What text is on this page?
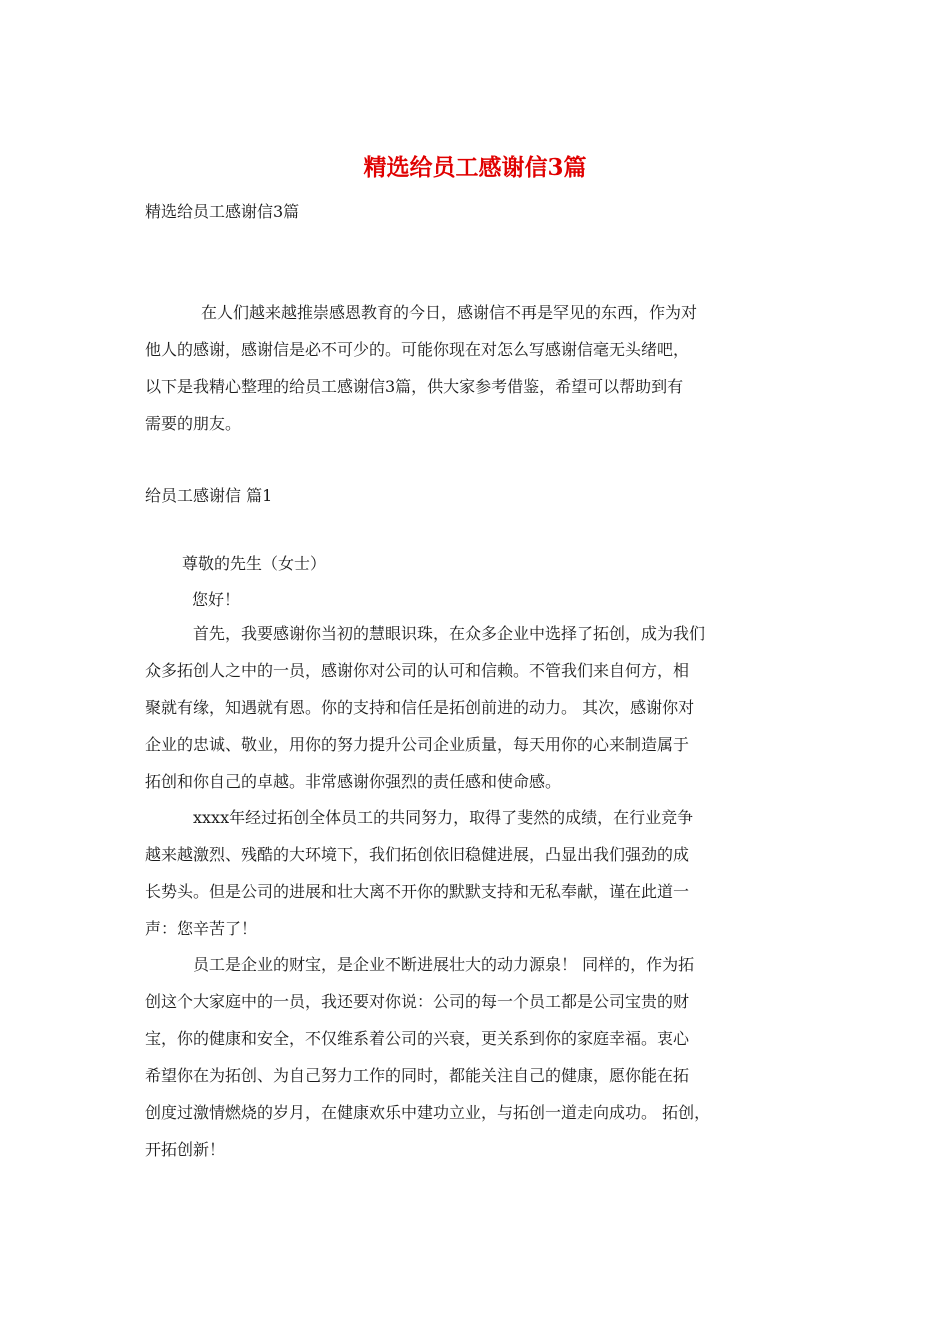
精选给员工感谢信3篇

精选给员工感谢信3篇

在人们越来越推崇感恩教育的今日，感谢信不再是罕见的东西，作为对
他人的感谢，感谢信是必不可少的。可能你现在对怎么写感谢信毫无头绪吧，
以下是我精心整理的给员工感谢信3篇，供大家参考借鉴，希望可以帮助到有
需要的朋友。

给员工感谢信 篇1

尊敬的先生（女士）

您好！

首先，我要感谢你当初的慧眼识珠，在众多企业中选择了拓创，成为我们
众多拓创人之中的一员，感谢你对公司的认可和信赖。不管我们来自何方，相
聚就有缘，知遇就有恩。你的支持和信任是拓创前进的动力。 其次，感谢你对
企业的忠诚、敬业，用你的努力提升公司企业质量，每天用你的心来制造属于
拓创和你自己的卓越。非常感谢你强烈的责任感和使命感。
xxxx年经过拓创全体员工的共同努力，取得了斐然的成绩，在行业竞争
越来越激烈、残酷的大环境下，我们拓创依旧稳健进展，凸显出我们强劲的成
长势头。但是公司的进展和壮大离不开你的默默支持和无私奉献，谨在此道一
声：您辛苦了！
员工是企业的财宝，是企业不断进展壮大的动力源泉！ 同样的，作为拓
创这个大家庭中的一员，我还要对你说：公司的每一个员工都是公司宝贵的财
宝，你的健康和安全，不仅维系着公司的兴衰，更关系到你的家庭幸福。衷心
希望你在为拓创、为自己努力工作的同时，都能关注自己的健康，愿你能在拓
创度过激情燃烧的岁月，在健康欢乐中建功立业，与拓创一道走向成功。 拓创，
开拓创新！
